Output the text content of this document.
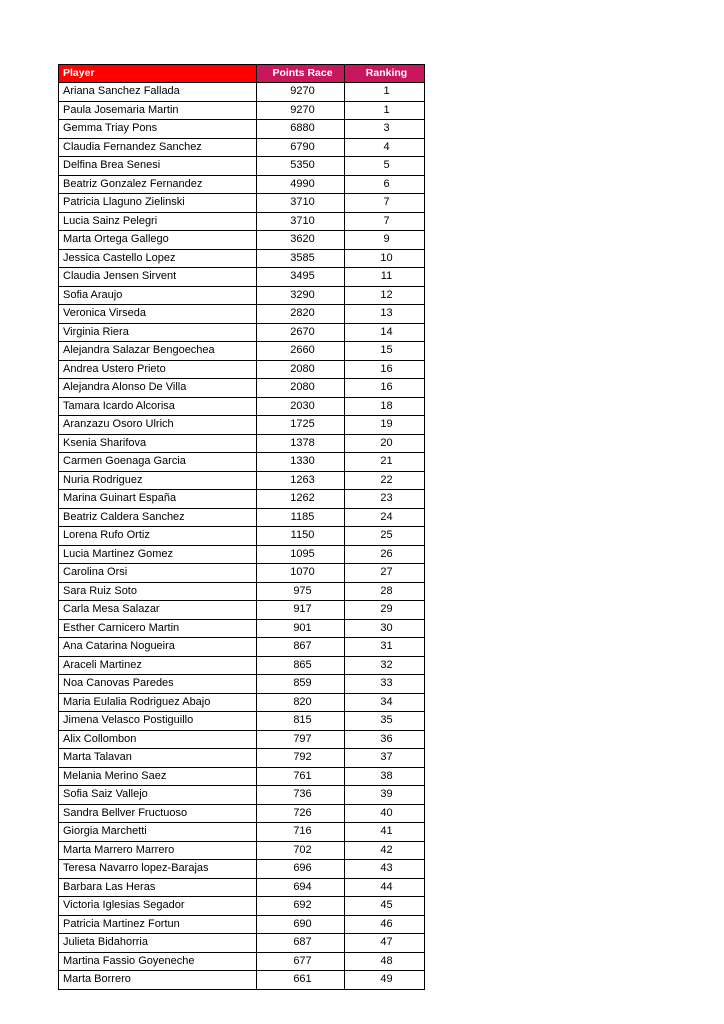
Player	Points Race	Ranking
Ariana Sanchez Fallada	9270	1
Paula Josemaria Martin	9270	1
Gemma Triay Pons	6880	3
Claudia Fernandez Sanchez	6790	4
Delfina Brea Senesi	5350	5
Beatriz Gonzalez Fernandez	4990	6
Patricia Llaguno Zielinski	3710	7
Lucia Sainz Pelegri	3710	7
Marta Ortega Gallego	3620	9
Jessica Castello Lopez	3585	10
Claudia Jensen Sirvent	3495	11
Sofia Araujo	3290	12
Veronica Virseda	2820	13
Virginia Riera	2670	14
Alejandra Salazar Bengoechea	2660	15
Andrea Ustero Prieto	2080	16
Alejandra Alonso De Villa	2080	16
Tamara Icardo Alcorisa	2030	18
Aranzazu Osoro Ulrich	1725	19
Ksenia Sharifova	1378	20
Carmen Goenaga Garcia	1330	21
Nuria Rodriguez	1263	22
Marina Guinart España	1262	23
Beatriz Caldera Sanchez	1185	24
Lorena Rufo Ortiz	1150	25
Lucia Martinez Gomez	1095	26
Carolina Orsi	1070	27
Sara Ruiz Soto	975	28
Carla Mesa Salazar	917	29
Esther Carnicero Martin	901	30
Ana Catarina Nogueira	867	31
Araceli Martinez	865	32
Noa Canovas Paredes	859	33
Maria Eulalia Rodriguez Abajo	820	34
Jimena Velasco Postiguillo	815	35
Alix Collombon	797	36
Marta Talavan	792	37
Melania Merino Saez	761	38
Sofia Saiz Vallejo	736	39
Sandra Bellver Fructuoso	726	40
Giorgia Marchetti	716	41
Marta Marrero Marrero	702	42
Teresa Navarro lopez-Barajas	696	43
Barbara Las Heras	694	44
Victoria Iglesias Segador	692	45
Patricia Martinez Fortun	690	46
Julieta Bidahorria	687	47
Martina Fassio Goyeneche	677	48
Marta Borrero	661	49
